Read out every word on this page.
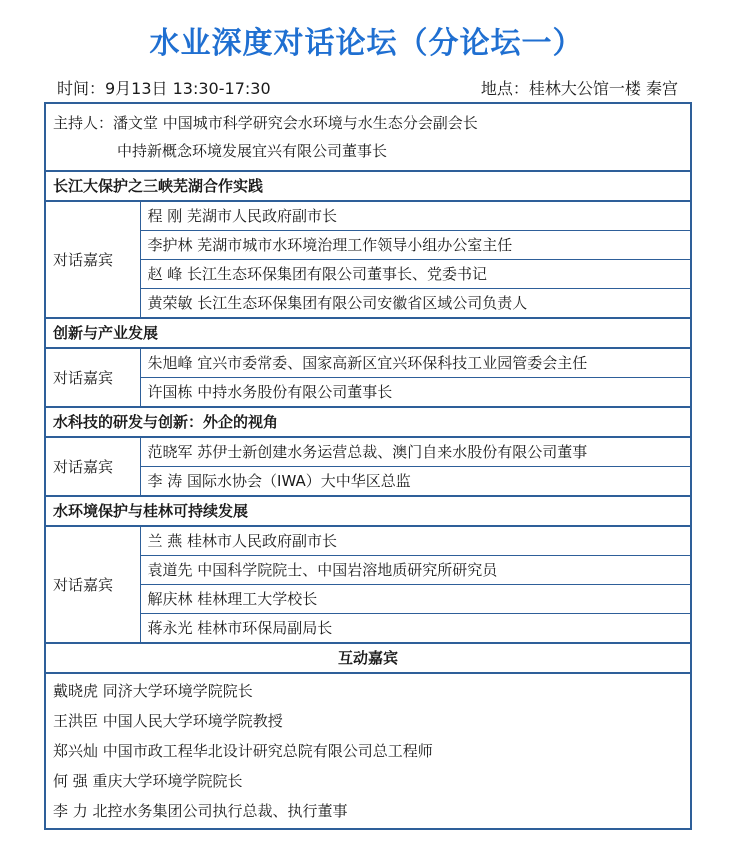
水业深度对话论坛（分论坛一）
时间：9月13日 13:30-17:30	地点：桂林大公馆一楼 秦宫
主持人：潘文堂 中国城市科学研究会水环境与水生态分会副会长
中持新概念环境发展宜兴有限公司董事长	

长江大保护之三峡芜湖合作实践	
对话嘉宾	程 刚 芜湖市人民政府副市长
	李护林 芜湖市城市水环境治理工作领导小组办公室主任
	赵 峰 长江生态环保集团有限公司董事长、党委书记
	黄荣敏 长江生态环保集团有限公司安徽省区域公司负责人
创新与产业发展	
对话嘉宾	朱旭峰 宜兴市委常委、国家高新区宜兴环保科技工业园管委会主任
	许国栋 中持水务股份有限公司董事长
水科技的研发与创新：外企的视角	
对话嘉宾	范晓军 苏伊士新创建水务运营总裁、澳门自来水股份有限公司董事
	李 涛 国际水协会（IWA）大中华区总监
水环境保护与桂林可持续发展	
对话嘉宾	兰 燕 桂林市人民政府副市长
	袁道先 中国科学院院士、中国岩溶地质研究所研究员
	解庆林 桂林理工大学校长
	蒋永光 桂林市环保局副局长
互动嘉宾	

戴晓虎 同济大学环境学院院长
王洪臣 中国人民大学环境学院教授
郑兴灿 中国市政工程华北设计研究总院有限公司总工程师
何 强 重庆大学环境学院院长
李 力 北控水务集团公司执行总裁、执行董事	
